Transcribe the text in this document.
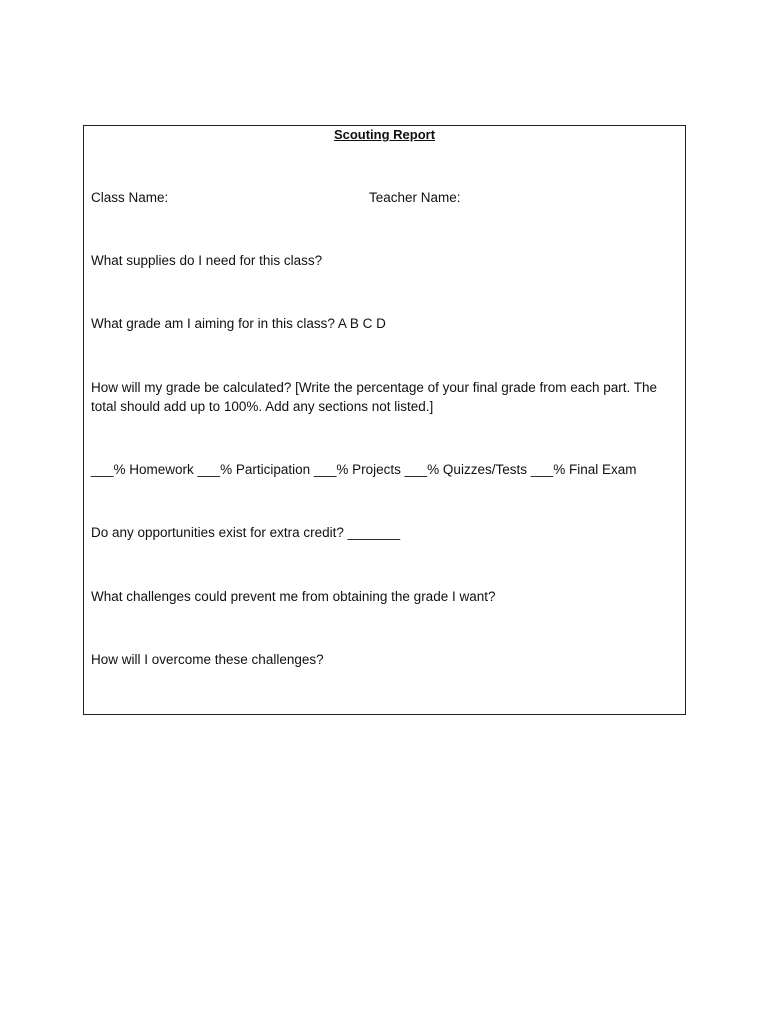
Scouting Report
Class Name:	Teacher Name:
What supplies do I need for this class?
What grade am I aiming for in this class? A B C D
How will my grade be calculated? [Write the percentage of your final grade from each part. The total should add up to 100%. Add any sections not listed.]
___% Homework ___% Participation ___% Projects ___% Quizzes/Tests ___% Final Exam
Do any opportunities exist for extra credit? _______
What challenges could prevent me from obtaining the grade I want?
How will I overcome these challenges?
